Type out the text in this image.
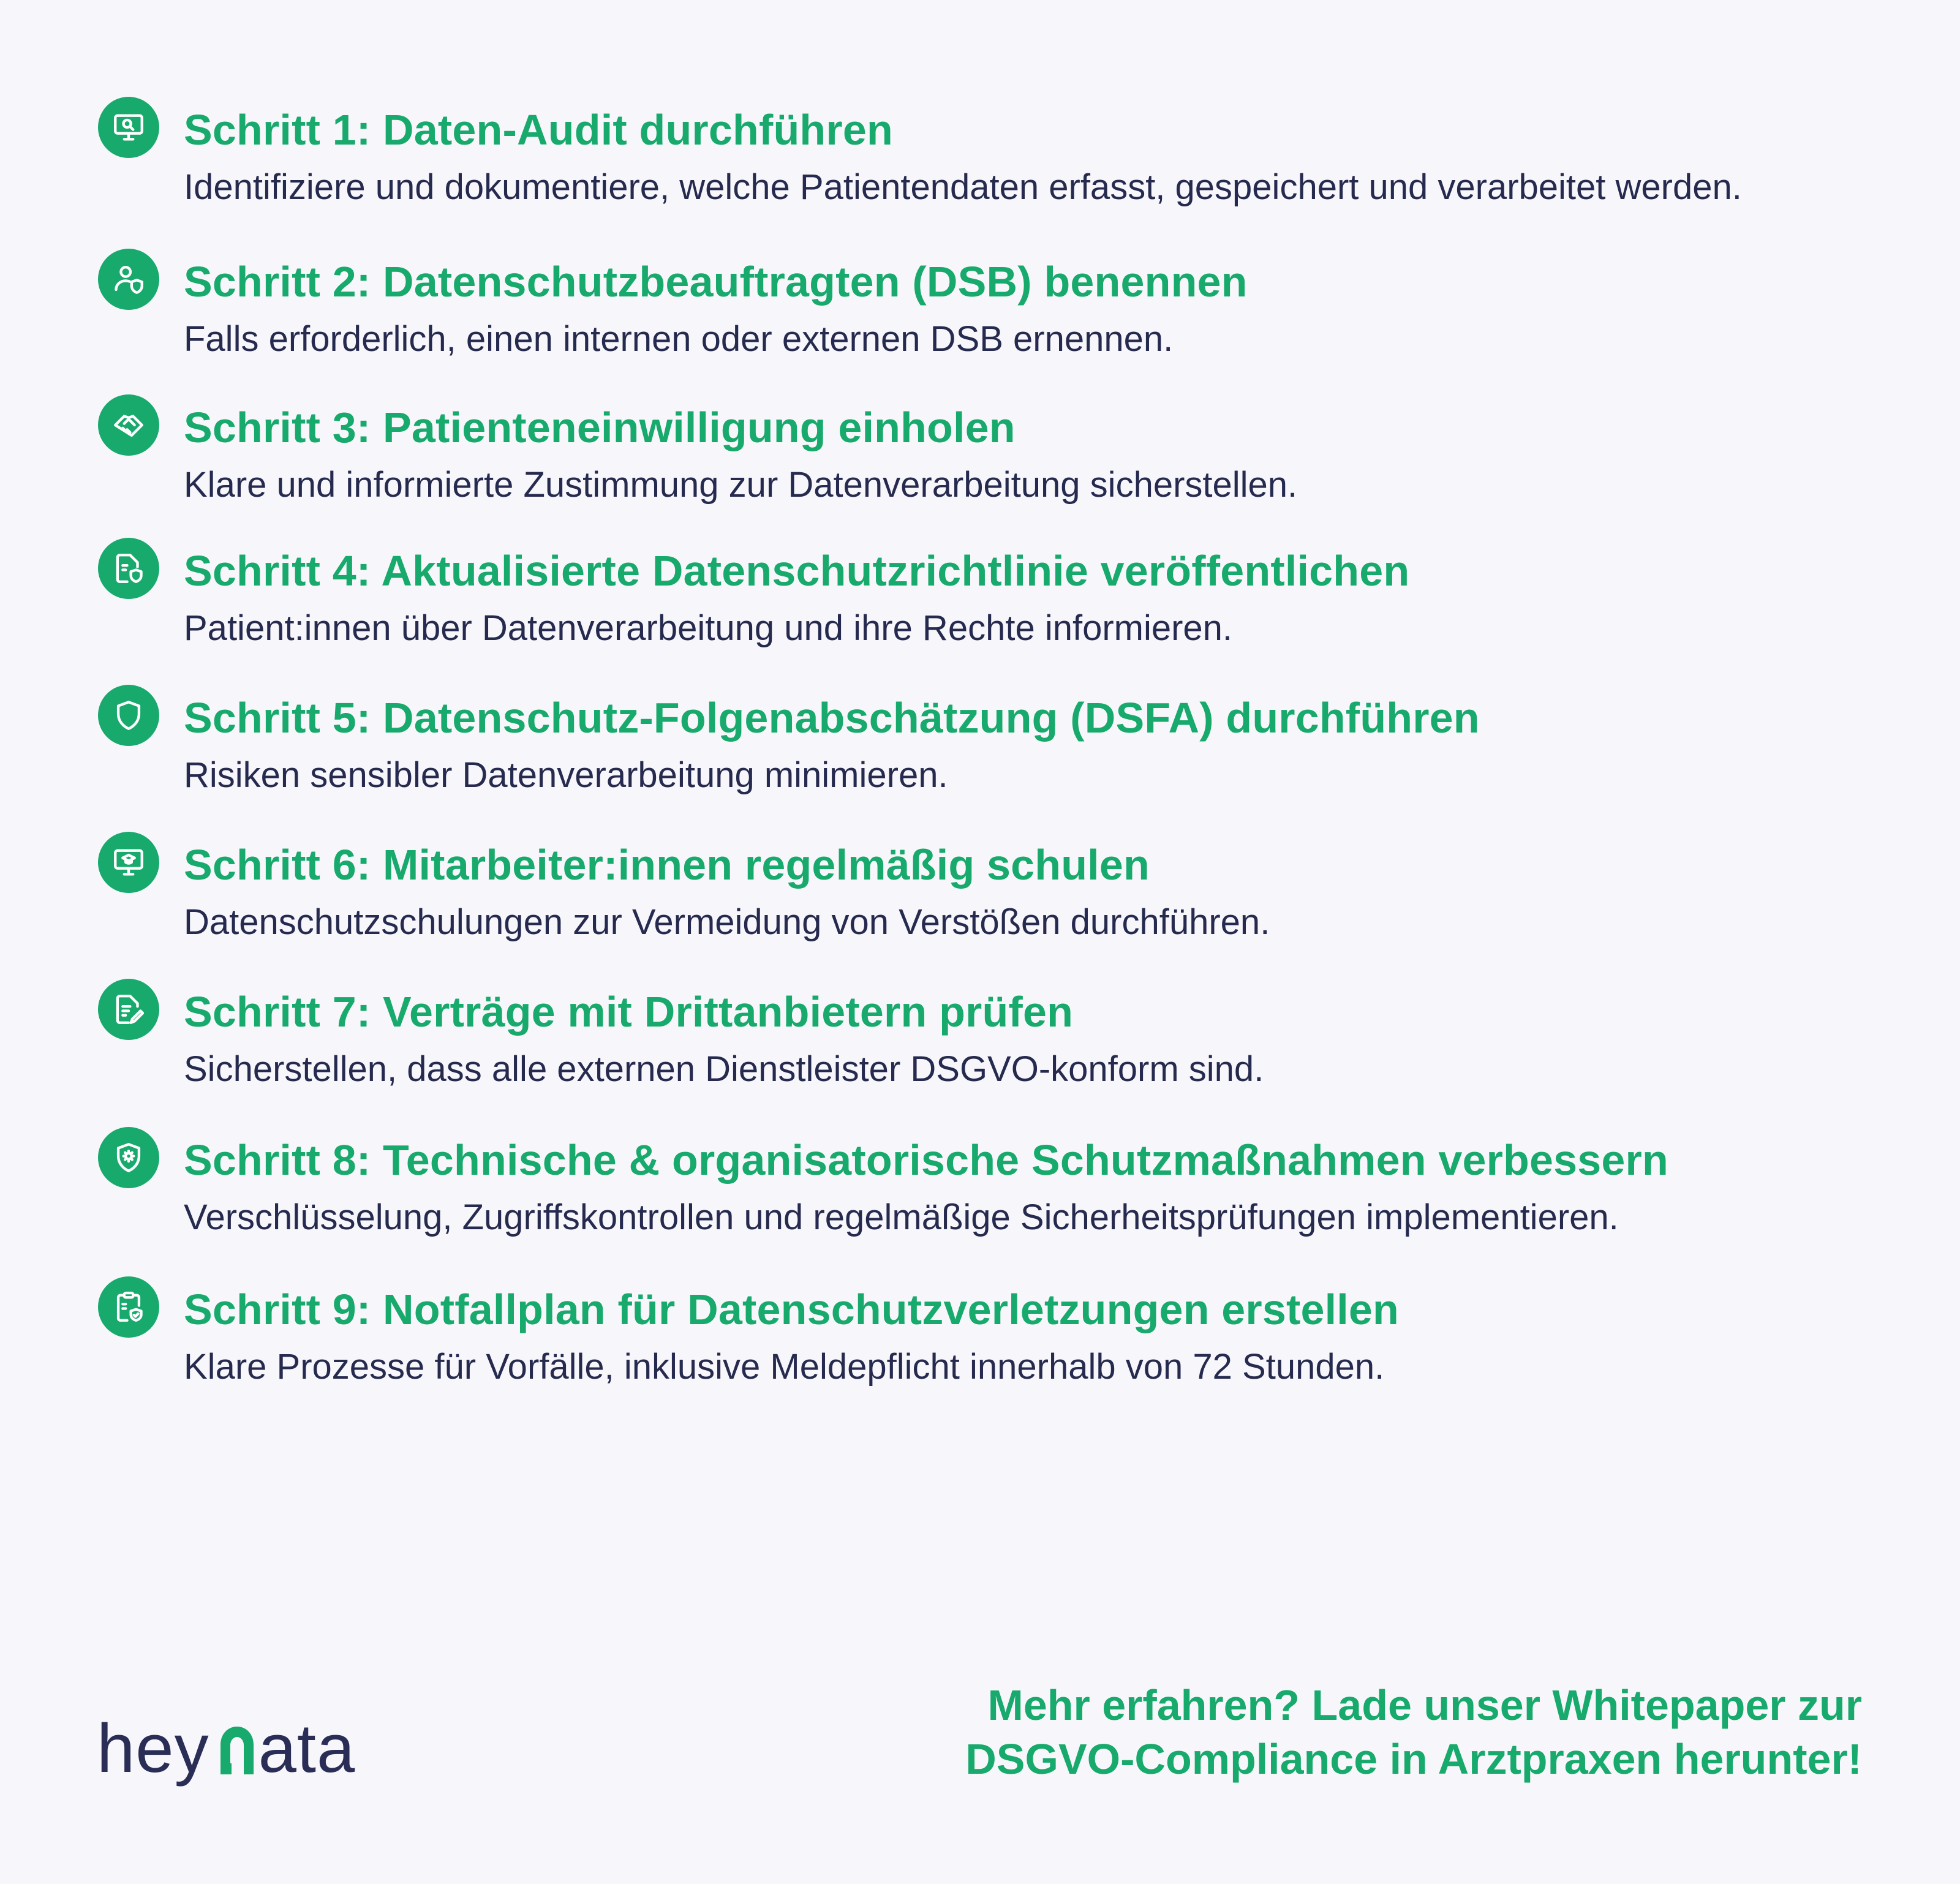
Schritt 1: Daten-Audit durchführen
Identifiziere und dokumentiere, welche Patientendaten erfasst, gespeichert und verarbeitet werden.
Schritt 2: Datenschutzbeauftragten (DSB) benennen
Falls erforderlich, einen internen oder externen DSB ernennen.
Schritt 3: Patienteneinwilligung einholen
Klare und informierte Zustimmung zur Datenverarbeitung sicherstellen.
Schritt 4: Aktualisierte Datenschutzrichtlinie veröffentlichen
Patient:innen über Datenverarbeitung und ihre Rechte informieren.
Schritt 5: Datenschutz-Folgenabschätzung (DSFA) durchführen
Risiken sensibler Datenverarbeitung minimieren.
Schritt 6: Mitarbeiter:innen regelmäßig schulen
Datenschutzschulungen zur Vermeidung von Verstößen durchführen.
Schritt 7: Verträge mit Drittanbietern prüfen
Sicherstellen, dass alle externen Dienstleister DSGVO-konform sind.
Schritt 8: Technische & organisatorische Schutzmaßnahmen verbessern
Verschlüsselung, Zugriffskontrollen und regelmäßige Sicherheitsprüfungen implementieren.
Schritt 9: Notfallplan für Datenschutzverletzungen erstellen
Klare Prozesse für Vorfälle, inklusive Meldepflicht innerhalb von 72 Stunden.
hey ata
Mehr erfahren? Lade unser Whitepaper zur
DSGVO-Compliance in Arztpraxen herunter!
